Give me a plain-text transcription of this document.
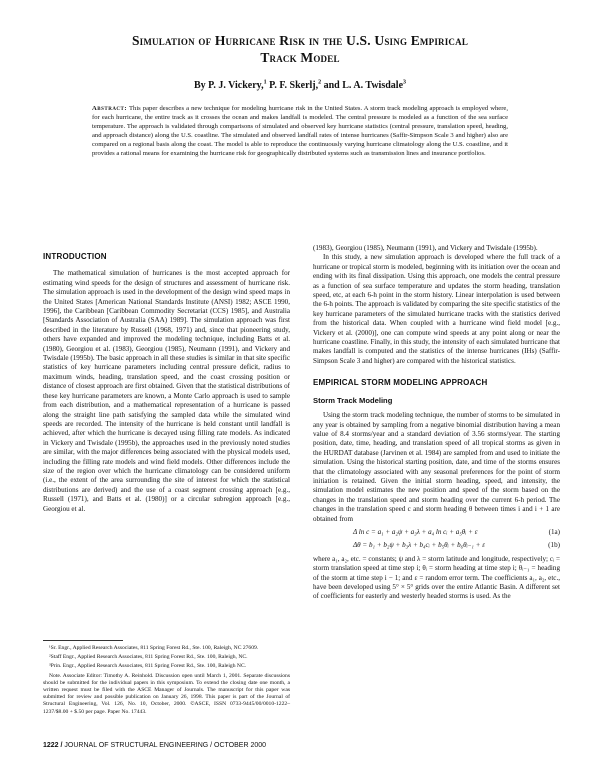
Simulation of Hurricane Risk in the U.S. Using Empirical
Track Model
By P. J. Vickery,$^1$ P. F. Skerlj,$^2$ and L. A. Twisdale$^3$
Abstract: This paper describes a new technique for modeling hurricane risk in the United States. A storm track modeling approach is employed where, for each hurricane, the entire track as it crosses the ocean and makes landfall is modeled. The central pressure is modeled as a function of the sea surface temperature. The approach is validated through comparisons of simulated and observed key hurricane statistics (central pressure, translation speed, heading, and approach distance) along the U.S. coastline. The simulated and observed landfall rates of intense hurricanes (Saffir-Simpson Scale 3 and higher) also are compared on a regional basis along the coast. The model is able to reproduce the continuously varying hurricane climatology along the U.S. coastline, and it provides a rational means for examining the hurricane risk for geographically distributed systems such as transmission lines and insurance portfolios.
INTRODUCTION

The mathematical simulation of hurricanes is the most accepted approach for estimating wind speeds for the design of structures and assessment of hurricane risk. The simulation approach is used in the development of the design wind speed maps in the United States [American National Standards Institute (ANSI) 1982; ASCE 1990, 1996], the Caribbean [Caribbean Commodity Secretariat (CCS) 1985], and Australia [Standards Association of Australia (SAA) 1989]. The simulation approach was first described in the literature by Russell (1968, 1971) and, since that pioneering study, others have expanded and improved the modeling technique, including Batts et al. (1980), Georgiou et al. (1983), Georgiou (1985), Neumann (1991), and Vickery and Twisdale (1995b). The basic approach in all these studies is similar in that site specific statistics of key hurricane parameters including central pressure deficit, radius to maximum winds, heading, translation speed, and the coast crossing position or distance of closest approach are first obtained. Given that the statistical distributions of these key hurricane parameters are known, a Monte Carlo approach is used to sample from each distribution, and a mathematical representation of a hurricane is passed along the straight line path satisfying the sampled data while the simulated wind speeds are recorded. The intensity of the hurricane is held constant until landfall is achieved, after which the hurricane is decayed using filling rate models. As indicated in Vickery and Twisdale (1995b), the approaches used in the previously noted studies are similar, with the major differences being associated with the physical models used, including the filling rate models and wind field models. Other differences include the size of the region over which the hurricane climatology can be considered uniform (i.e., the extent of the area surrounding the site of interest for which the statistical distributions are derived) and the use of a coast segment crossing approach [e.g., Russell (1971), and Batts et al. (1980)] or a circular subregion approach [e.g., Georgiou et al.

¹Sr. Engr., Applied Research Associates, 811 Spring Forest Rd., Ste. 100, Raleigh, NC 27609.

²Staff Engr., Applied Research Associates, 811 Spring Forest Rd., Ste. 100, Raleigh, NC.

³Prin. Engr., Applied Research Associates, 811 Spring Forest Rd., Ste. 100, Raleigh NC.

Note. Associate Editor: Timothy A. Reinhold. Discussion open until March 1, 2001. Separate discussions should be submitted for the individual papers in this symposium. To extend the closing date one month, a written request must be filed with the ASCE Manager of Journals. The manuscript for this paper was submitted for review and possible publication on January 26, 1998. This paper is part of the Journal of Structural Engineering, Vol. 126, No. 10, October, 2000. ©ASCE, ISSN 0733-9445/00/0010-1222–1237/$8.00 + $.50 per page. Paper No. 17443.

(1983), Georgiou (1985), Neumann (1991), and Vickery and Twisdale (1995b).

In this study, a new simulation approach is developed where the full track of a hurricane or tropical storm is modeled, beginning with its initiation over the ocean and ending with its final dissipation. Using this approach, one models the central pressure as a function of sea surface temperature and updates the storm heading, translation speed, etc, at each 6-h point in the storm history. Linear interpolation is used between the 6-h points. The approach is validated by comparing the site specific statistics of the key hurricane parameters of the simulated hurricane tracks with the statistics derived from the historical data. When coupled with a hurricane wind field model [e.g., Vickery et al. (2000)], one can compute wind speeds at any point along or near the hurricane coastline. Finally, in this study, the intensity of each simulated hurricane that makes landfall is computed and the statistics of the intense hurricanes (IHs) (Saffir-Simpson Scale 3 and higher) are compared with the historical statistics.

EMPIRICAL STORM MODELING APPROACH
Storm Track Modeling

Using the storm track modeling technique, the number of storms to be simulated in any year is obtained by sampling from a negative binomial distribution having a mean value of 8.4 storms/year and a standard deviation of 3.56 storms/year. The starting position, date, time, heading, and translation speed of all tropical storms as given in the HURDAT database (Jarvinen et al. 1984) are sampled from and used to initiate the simulation. Using the historical starting position, date, and time of the storms ensures that the climatology associated with any seasonal preferences for the point of storm initiation is retained. Given the initial storm heading, speed, and intensity, the simulation model estimates the new position and speed of the storm based on the changes in the translation speed and storm heading over the current 6-h period. The changes in the translation speed c and storm heading θ between times i and i + 1 are obtained from

Δ ln c = a₁ + a₂ψ + a₃λ + a₄ ln cᵢ + a₅θᵢ + ε	(1a)
Δθ = b₁ + b₂ψ + b₃λ + b₄cᵢ + b₅θᵢ + b₆θᵢ₋₁ + ε	(1b)

where a₁, a₂, etc. = constants; ψ and λ = storm latitude and longitude, respectively; cᵢ = storm translation speed at time step i; θᵢ = storm heading at time step i; θᵢ₋₁ = heading of the storm at time step i − 1; and ε = random error term. The coefficients a₁, a₂, etc., have been developed using 5° × 5° grids over the entire Atlantic Basin. A different set of coefficients for easterly and westerly headed storms is used. As the

1222 / JOURNAL OF STRUCTURAL ENGINEERING / OCTOBER 2000
